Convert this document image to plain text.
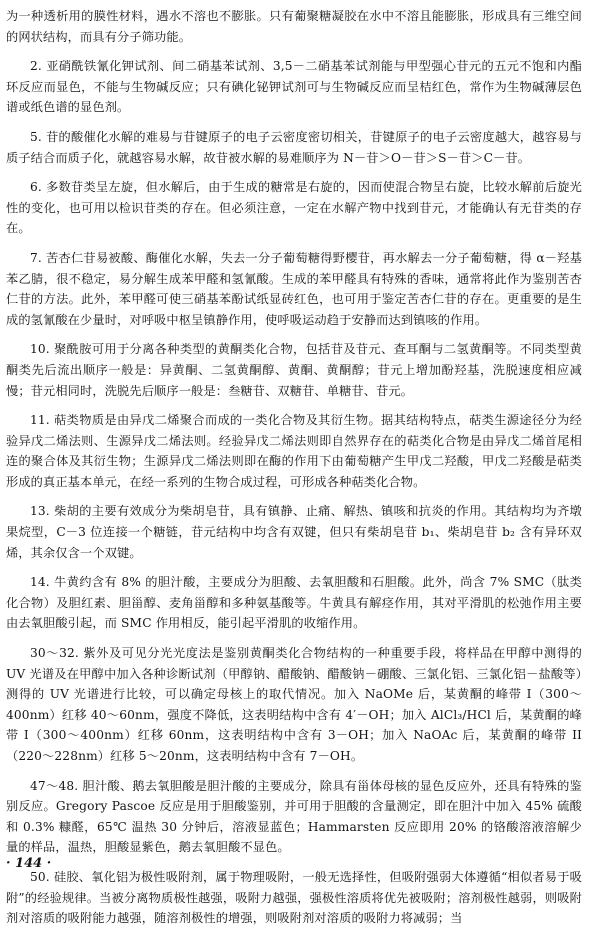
为一种透析用的膜性材料，遇水不溶也不膨胀。只有葡聚糖凝胶在水中不溶且能膨胀，形成具有三维空间的网状结构，而具有分子筛功能。

2. 亚硝酰铁氰化钾试剂、间二硝基苯试剂、3,5－二硝基苯试剂能与甲型强心苷元的五元不饱和内酯环反应而显色，不能与生物碱反应；只有碘化铋钾试剂可与生物碱反应而呈桔红色，常作为生物碱薄层色谱或纸色谱的显色剂。

5. 苷的酸催化水解的难易与苷键原子的电子云密度密切相关，苷键原子的电子云密度越大，越容易与质子结合而质子化，就越容易水解，故苷被水解的易难顺序为 N－苷＞O－苷＞S－苷＞C－苷。

6. 多数苷类呈左旋，但水解后，由于生成的糖常是右旋的，因而使混合物呈右旋，比较水解前后旋光性的变化，也可用以检识苷类的存在。但必须注意，一定在水解产物中找到苷元，才能确认有无苷类的存在。

7. 苦杏仁苷易被酸、酶催化水解，失去一分子葡萄糖得野樱苷，再水解去一分子葡萄糖，得 α－羟基苯乙腈，很不稳定，易分解生成苯甲醛和氢氰酸。生成的苯甲醛具有特殊的香味，通常将此作为鉴别苦杏仁苷的方法。此外，苯甲醛可使三硝基苯酚试纸显砖红色，也可用于鉴定苦杏仁苷的存在。更重要的是生成的氢氰酸在少量时，对呼吸中枢呈镇静作用，使呼吸运动趋于安静而达到镇咳的作用。

10. 聚酰胺可用于分离各种类型的黄酮类化合物，包括苷及苷元、查耳酮与二氢黄酮等。不同类型黄酮类先后流出顺序一般是：异黄酮、二氢黄酮醇、黄酮、黄酮醇；苷元上增加酚羟基，洗脱速度相应减慢；苷元相同时，洗脱先后顺序一般是：叁糖苷、双糖苷、单糖苷、苷元。

11. 萜类物质是由异戊二烯聚合而成的一类化合物及其衍生物。据其结构特点，萜类生源途径分为经验异戊二烯法则、生源异戊二烯法则。经验异戊二烯法则即自然界存在的萜类化合物是由异戊二烯首尾相连的聚合体及其衍生物；生源异戊二烯法则即在酶的作用下由葡萄糖产生甲戊二羟酸，甲戊二羟酸是萜类形成的真正基本单元，在经一系列的生物合成过程，可形成各种萜类化合物。

13. 柴胡的主要有效成分为柴胡皂苷，具有镇静、止痛、解热、镇咳和抗炎的作用。其结构均为齐墩果烷型，C－3 位连接一个糖链，苷元结构中均含有双键，但只有柴胡皂苷 b₁、柴胡皂苷 b₂ 含有异环双烯，其余仅含一个双键。

14. 牛黄约含有 8% 的胆汁酸，主要成分为胆酸、去氧胆酸和石胆酸。此外，尚含 7% SMC（肽类化合物）及胆红素、胆甾醇、麦角甾醇和多种氨基酸等。牛黄具有解痉作用，其对平滑肌的松弛作用主要由去氧胆酸引起，而 SMC 作用相反，能引起平滑肌的收缩作用。

30～32. 紫外及可见分光光度法是鉴别黄酮类化合物结构的一种重要手段，将样品在甲醇中测得的 UV 光谱及在甲醇中加入各种诊断试剂（甲醇钠、醋酸钠、醋酸钠－硼酸、三氯化铝、三氯化铝－盐酸等）测得的 UV 光谱进行比较，可以确定母核上的取代情况。加入 NaOMe 后，某黄酮的峰带 I（300～400nm）红移 40～60nm，强度不降低，这表明结构中含有 4′－OH；加入 AlCl₃/HCl 后，某黄酮的峰带 I（300～400nm）红移 60nm，这表明结构中含有 3－OH；加入 NaOAc 后，某黄酮的峰带 II（220～228nm）红移 5～20nm，这表明结构中含有 7－OH。

47～48. 胆汁酸、鹅去氧胆酸是胆汁酸的主要成分，除具有甾体母核的显色反应外，还具有特殊的鉴别反应。Gregory Pascoe 反应是用于胆酸鉴别，并可用于胆酸的含量测定，即在胆汁中加入 45% 硫酸和 0.3% 糠醛，65℃ 温热 30 分钟后，溶液显蓝色；Hammarsten 反应即用 20% 的铬酸溶液溶解少量的样品，温热，胆酸显紫色，鹅去氧胆酸不显色。

50. 硅胶、氧化铝为极性吸附剂，属于物理吸附，一般无选择性，但吸附强弱大体遵循“相似者易于吸附”的经验规律。当被分离物质极性越强，吸附力越强，强极性溶质将优先被吸附；溶剂极性越弱，则吸附剂对溶质的吸附能力越强，随溶剂极性的增强，则吸附剂对溶质的吸附力将减弱；当

· 144 ·
